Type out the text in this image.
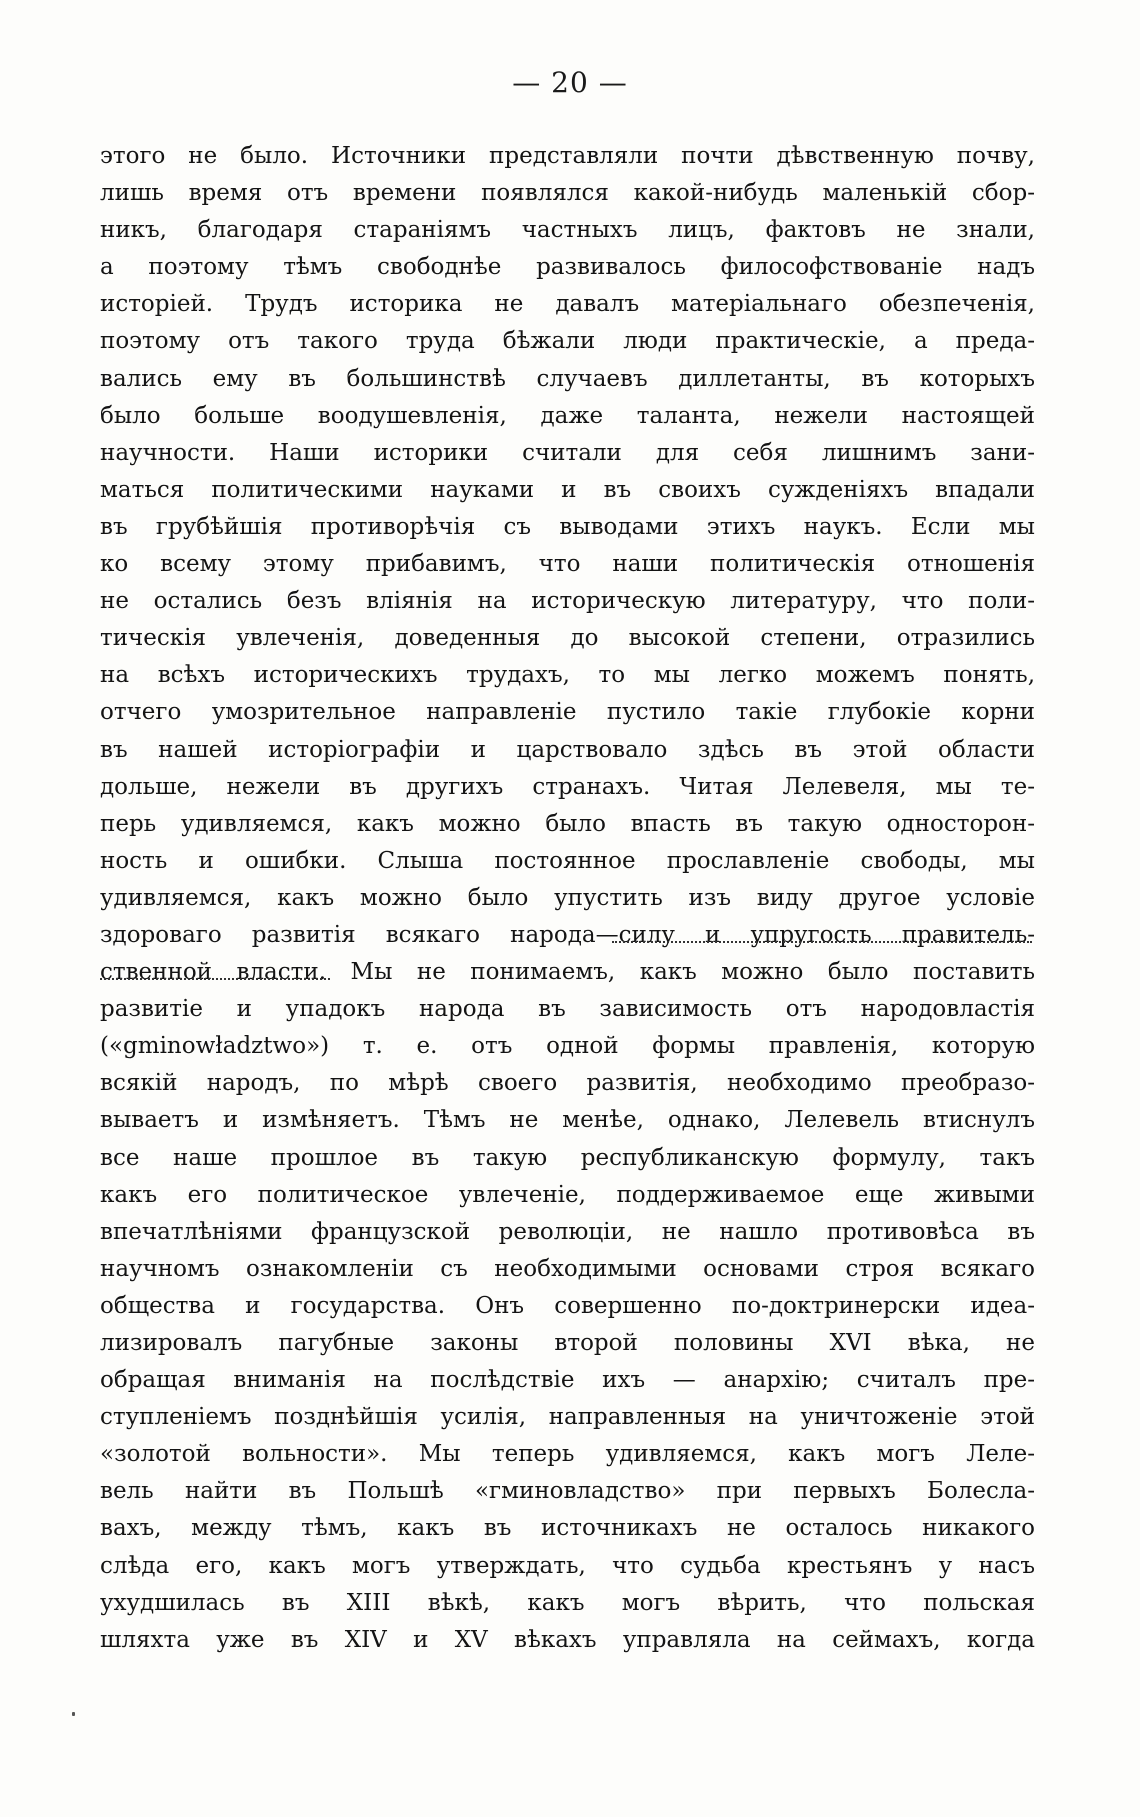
— 20 —
этого не было. Источники представляли почти дѣвственную почву,
лишь время отъ времени появлялся какой-нибудь маленькій сбор-
никъ, благодаря стараніямъ частныхъ лицъ, фактовъ не знали,
а поэтому тѣмъ свободнѣе развивалось философствованіе надъ
исторіей. Трудъ историка не давалъ матеріальнаго обезпеченія,
поэтому отъ такого труда бѣжали люди практическіе, а преда-
вались ему въ большинствѣ случаевъ диллетанты, въ которыхъ
было больше воодушевленія, даже таланта, нежели настоящей
научности. Наши историки считали для себя лишнимъ зани-
маться политическими науками и въ своихъ сужденіяхъ впадали
въ грубѣйшія противорѣчія съ выводами этихъ наукъ. Если мы
ко всему этому прибавимъ, что наши политическія отношенія
не остались безъ вліянія на историческую литературу, что поли-
тическія увлеченія, доведенныя до высокой степени, отразились
на всѣхъ историческихъ трудахъ, то мы легко можемъ понять,
отчего умозрительное направленіе пустило такіе глубокіе корни
въ нашей исторіографіи и царствовало здѣсь въ этой области
дольше, нежели въ другихъ странахъ. Читая Лелевеля, мы те-
перь удивляемся, какъ можно было впасть въ такую односторон-
ность и ошибки. Слыша постоянное прославленіе свободы, мы
удивляемся, какъ можно было упустить изъ виду другое условіе
здороваго развитія всякаго народа—силу и упругость правитель-
ственной власти. Мы не понимаемъ, какъ можно было поставить
развитіе и упадокъ народа въ зависимость отъ народовластія
(«gminowładztwo») т. е. отъ одной формы правленія, которую
всякій народъ, по мѣрѣ своего развитія, необходимо преобразо-
вываетъ и измѣняетъ. Тѣмъ не менѣе, однако, Лелевель втиснулъ
все наше прошлое въ такую республиканскую формулу, такъ
какъ его политическое увлеченіе, поддерживаемое еще живыми
впечатлѣніями французской революціи, не нашло противовѣса въ
научномъ ознакомленіи съ необходимыми основами строя всякаго
общества и государства. Онъ совершенно по-доктринерски идеа-
лизировалъ пагубные законы второй половины XVI вѣка, не
обращая вниманія на послѣдствіе ихъ — анархію; считалъ пре-
ступленіемъ позднѣйшія усилія, направленныя на уничтоженіе этой
«золотой вольности». Мы теперь удивляемся, какъ могъ Леле-
вель найти въ Польшѣ «гминовладство» при первыхъ Болесла-
вахъ, между тѣмъ, какъ въ источникахъ не осталось никакого
слѣда его, какъ могъ утверждать, что судьба крестьянъ у насъ
ухудшилась въ XIII вѣкѣ, какъ могъ вѣрить, что польская
шляхта уже въ XIV и XV вѣкахъ управляла на сеймахъ, когда
